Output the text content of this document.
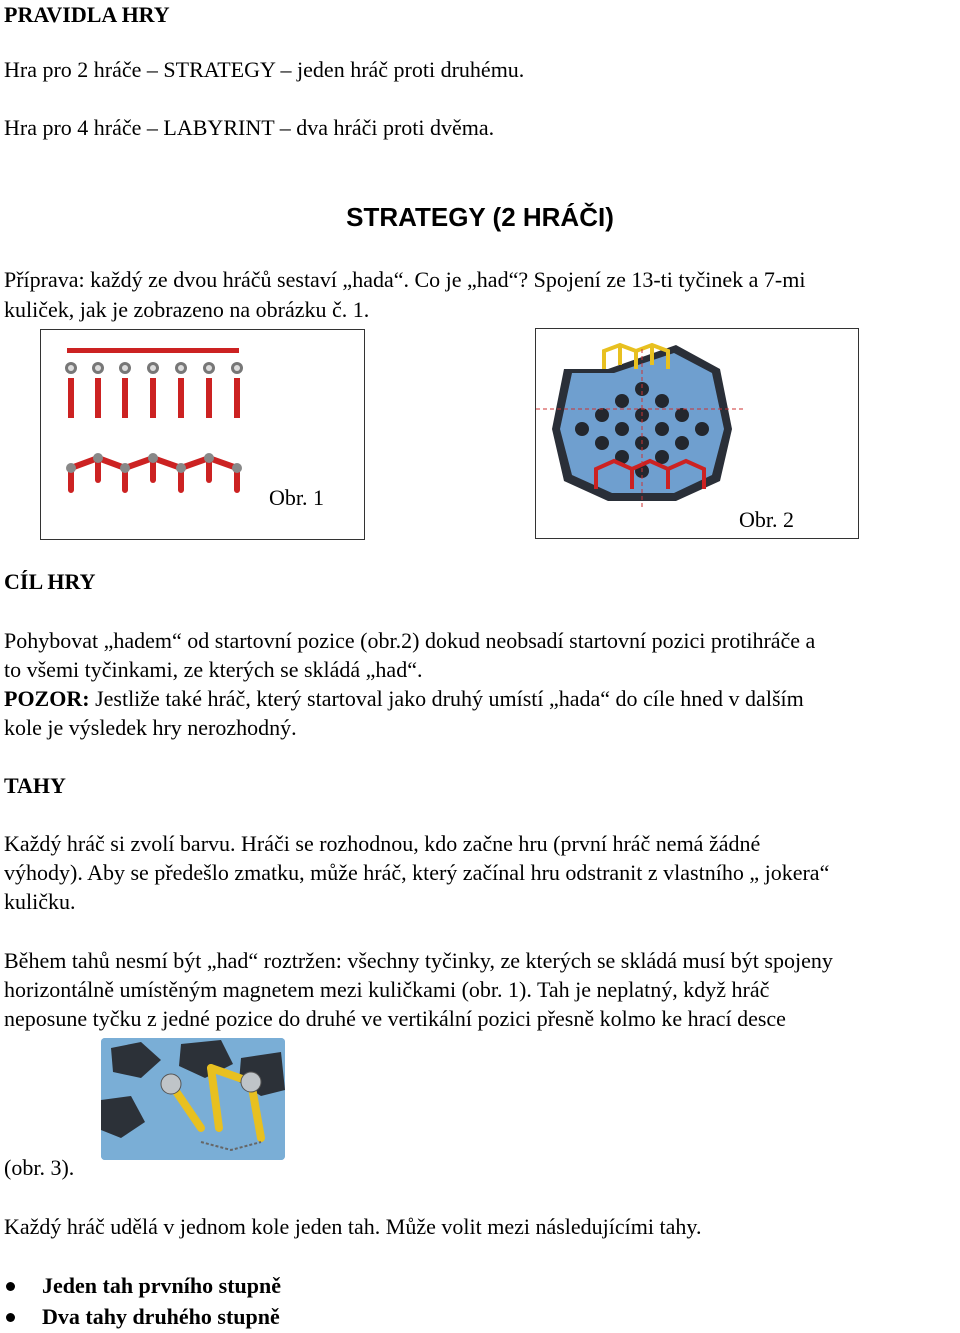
PRAVIDLA HRY
Hra pro 2 hráče – STRATEGY – jeden hráč proti druhému.
Hra pro 4 hráče – LABYRINT – dva hráči proti dvěma.
STRATEGY (2 HRÁČI)
Příprava: každý ze dvou hráčů sestaví „hada“. Co je „had“? Spojení ze 13-ti tyčinek a 7-mi
kuliček, jak je zobrazeno na obrázku č. 1.
Obr. 1
Obr. 2
CÍL HRY
Pohybovat „hadem“ od startovní pozice (obr.2) dokud neobsadí startovní pozici protihráče a
to všemi tyčinkami, ze kterých se skládá „had“.
POZOR: Jestliže také hráč, který startoval jako druhý umístí „hada“ do cíle hned v dalším
kole je výsledek hry nerozhodný.
TAHY
Každý hráč si zvolí barvu. Hráči se rozhodnou, kdo začne hru (první hráč nemá žádné
výhody). Aby se předešlo zmatku, může hráč, který začínal hru odstranit z vlastního „ jokera“
kuličku.
Během tahů nesmí být „had“ roztržen: všechny tyčinky, ze kterých se skládá musí být spojeny
horizontálně umístěným magnetem mezi kuličkami (obr. 1). Tah je neplatný, když hráč
neposune tyčku z jedné pozice do druhé ve vertikální pozici přesně kolmo ke hrací desce
(obr. 3).
Každý hráč udělá v jednom kole jeden tah. Může volit mezi následujícími tahy.
Jeden tah prvního stupně
Dva tahy druhého stupně
